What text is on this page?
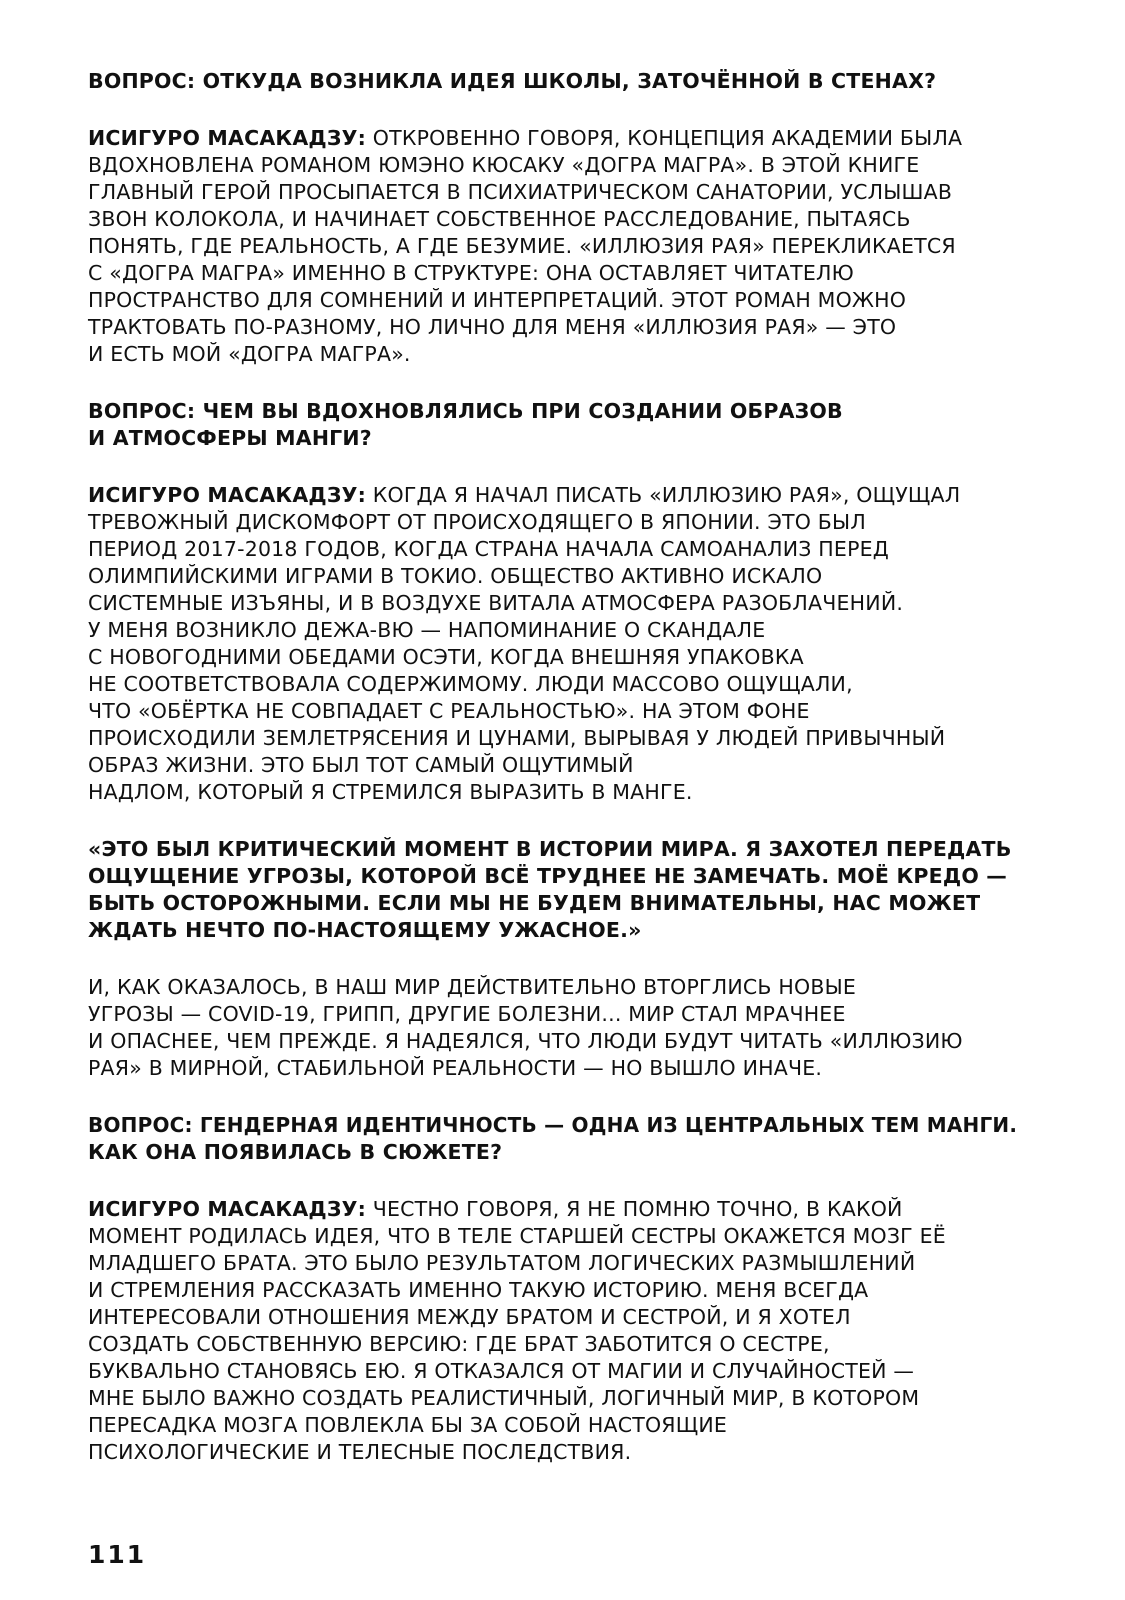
ВОПРОС: ОТКУДА ВОЗНИКЛА ИДЕЯ ШКОЛЫ, ЗАТОЧЁННОЙ В СТЕНАХ?
ИСИГУРО МАСАКАДЗУ: ОТКРОВЕННО ГОВОРЯ, КОНЦЕПЦИЯ АКАДЕМИИ БЫЛА
ВДОХНОВЛЕНА РОМАНОМ ЮМЭНО КЮСАКУ «ДОГРА МАГРА». В ЭТОЙ КНИГЕ
ГЛАВНЫЙ ГЕРОЙ ПРОСЫПАЕТСЯ В ПСИХИАТРИЧЕСКОМ САНАТОРИИ, УСЛЫШАВ
ЗВОН КОЛОКОЛА, И НАЧИНАЕТ СОБСТВЕННОЕ РАССЛЕДОВАНИЕ, ПЫТАЯСЬ
ПОНЯТЬ, ГДЕ РЕАЛЬНОСТЬ, А ГДЕ БЕЗУМИЕ. «ИЛЛЮЗИЯ РАЯ» ПЕРЕКЛИКАЕТСЯ
С «ДОГРА МАГРА» ИМЕННО В СТРУКТУРЕ: ОНА ОСТАВЛЯЕТ ЧИТАТЕЛЮ
ПРОСТРАНСТВО ДЛЯ СОМНЕНИЙ И ИНТЕРПРЕТАЦИЙ. ЭТОТ РОМАН МОЖНО
ТРАКТОВАТЬ ПО-РАЗНОМУ, НО ЛИЧНО ДЛЯ МЕНЯ «ИЛЛЮЗИЯ РАЯ» — ЭТО
И ЕСТЬ МОЙ «ДОГРА МАГРА».
ВОПРОС: ЧЕМ ВЫ ВДОХНОВЛЯЛИСЬ ПРИ СОЗДАНИИ ОБРАЗОВ
И АТМОСФЕРЫ МАНГИ?
ИСИГУРО МАСАКАДЗУ: КОГДА Я НАЧАЛ ПИСАТЬ «ИЛЛЮЗИЮ РАЯ», ОЩУЩАЛ
ТРЕВОЖНЫЙ ДИСКОМФОРТ ОТ ПРОИСХОДЯЩЕГО В ЯПОНИИ. ЭТО БЫЛ
ПЕРИОД 2017-2018 ГОДОВ, КОГДА СТРАНА НАЧАЛА САМОАНАЛИЗ ПЕРЕД
ОЛИМПИЙСКИМИ ИГРАМИ В ТОКИО. ОБЩЕСТВО АКТИВНО ИСКАЛО
СИСТЕМНЫЕ ИЗЪЯНЫ, И В ВОЗДУХЕ ВИТАЛА АТМОСФЕРА РАЗОБЛАЧЕНИЙ.
У МЕНЯ ВОЗНИКЛО ДЕЖА-ВЮ — НАПОМИНАНИЕ О СКАНДАЛЕ
С НОВОГОДНИМИ ОБЕДАМИ ОСЭТИ, КОГДА ВНЕШНЯЯ УПАКОВКА
НЕ СООТВЕТСТВОВАЛА СОДЕРЖИМОМУ. ЛЮДИ МАССОВО ОЩУЩАЛИ,
ЧТО «ОБЁРТКА НЕ СОВПАДАЕТ С РЕАЛЬНОСТЬЮ». НА ЭТОМ ФОНЕ
ПРОИСХОДИЛИ ЗЕМЛЕТРЯСЕНИЯ И ЦУНАМИ, ВЫРЫВАЯ У ЛЮДЕЙ ПРИВЫЧНЫЙ
ОБРАЗ ЖИЗНИ. ЭТО БЫЛ ТОТ САМЫЙ ОЩУТИМЫЙ
НАДЛОМ, КОТОРЫЙ Я СТРЕМИЛСЯ ВЫРАЗИТЬ В МАНГЕ.
«ЭТО БЫЛ КРИТИЧЕСКИЙ МОМЕНТ В ИСТОРИИ МИРА. Я ЗАХОТЕЛ ПЕРЕДАТЬ
ОЩУЩЕНИЕ УГРОЗЫ, КОТОРОЙ ВСЁ ТРУДНЕЕ НЕ ЗАМЕЧАТЬ. МОЁ КРЕДО —
БЫТЬ ОСТОРОЖНЫМИ. ЕСЛИ МЫ НЕ БУДЕМ ВНИМАТЕЛЬНЫ, НАС МОЖЕТ
ЖДАТЬ НЕЧТО ПО-НАСТОЯЩЕМУ УЖАСНОЕ.»
И, КАК ОКАЗАЛОСЬ, В НАШ МИР ДЕЙСТВИТЕЛЬНО ВТОРГЛИСЬ НОВЫЕ
УГРОЗЫ — COVID-19, ГРИПП, ДРУГИЕ БОЛЕЗНИ... МИР СТАЛ МРАЧНЕЕ
И ОПАСНЕЕ, ЧЕМ ПРЕЖДЕ. Я НАДЕЯЛСЯ, ЧТО ЛЮДИ БУДУТ ЧИТАТЬ «ИЛЛЮЗИЮ
РАЯ» В МИРНОЙ, СТАБИЛЬНОЙ РЕАЛЬНОСТИ — НО ВЫШЛО ИНАЧЕ.
ВОПРОС: ГЕНДЕРНАЯ ИДЕНТИЧНОСТЬ — ОДНА ИЗ ЦЕНТРАЛЬНЫХ ТЕМ МАНГИ.
КАК ОНА ПОЯВИЛАСЬ В СЮЖЕТЕ?
ИСИГУРО МАСАКАДЗУ: ЧЕСТНО ГОВОРЯ, Я НЕ ПОМНЮ ТОЧНО, В КАКОЙ
МОМЕНТ РОДИЛАСЬ ИДЕЯ, ЧТО В ТЕЛЕ СТАРШЕЙ СЕСТРЫ ОКАЖЕТСЯ МОЗГ ЕЁ
МЛАДШЕГО БРАТА. ЭТО БЫЛО РЕЗУЛЬТАТОМ ЛОГИЧЕСКИХ РАЗМЫШЛЕНИЙ
И СТРЕМЛЕНИЯ РАССКАЗАТЬ ИМЕННО ТАКУЮ ИСТОРИЮ. МЕНЯ ВСЕГДА
ИНТЕРЕСОВАЛИ ОТНОШЕНИЯ МЕЖДУ БРАТОМ И СЕСТРОЙ, И Я ХОТЕЛ
СОЗДАТЬ СОБСТВЕННУЮ ВЕРСИЮ: ГДЕ БРАТ ЗАБОТИТСЯ О СЕСТРЕ,
БУКВАЛЬНО СТАНОВЯСЬ ЕЮ. Я ОТКАЗАЛСЯ ОТ МАГИИ И СЛУЧАЙНОСТЕЙ —
МНЕ БЫЛО ВАЖНО СОЗДАТЬ РЕАЛИСТИЧНЫЙ, ЛОГИЧНЫЙ МИР, В КОТОРОМ
ПЕРЕСАДКА МОЗГА ПОВЛЕКЛА БЫ ЗА СОБОЙ НАСТОЯЩИЕ
ПСИХОЛОГИЧЕСКИЕ И ТЕЛЕСНЫЕ ПОСЛЕДСТВИЯ.
111
